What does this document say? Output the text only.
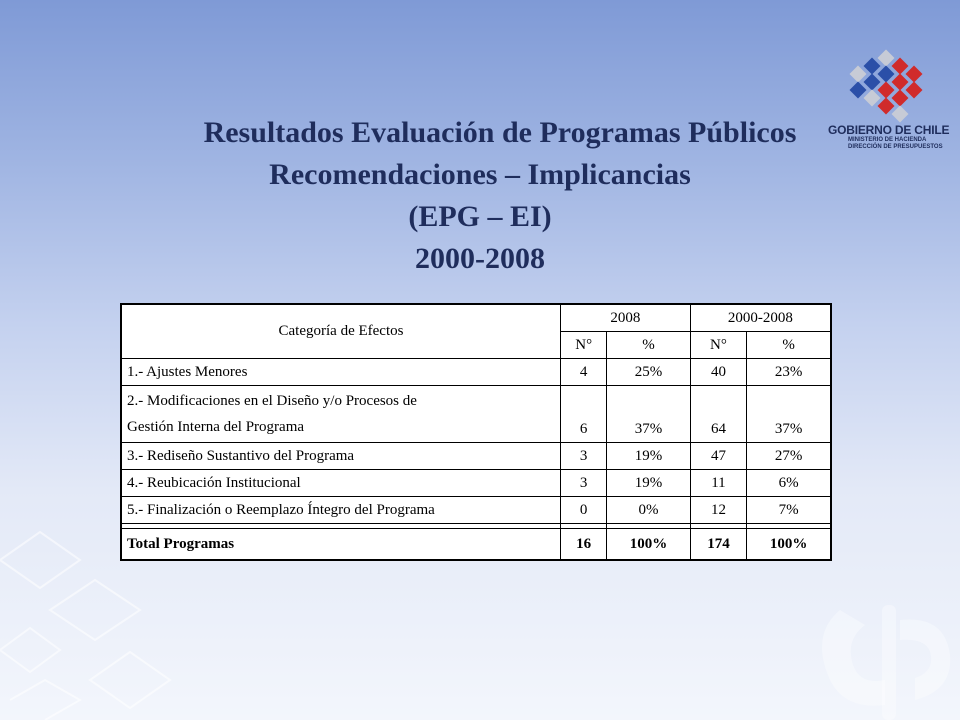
GOBIERNO DE CHILE
MINISTERIO DE HACIENDA
DIRECCIÓN DE PRESUPUESTOS
Resultados Evaluación de Programas Públicos
Recomendaciones – Implicancias
(EPG – EI)
2000-2008
Categoría de Efectos	2008		2000-2008	
	N°	%	N°	%
1.- Ajustes Menores	4	25%	40	23%

2.- Modificaciones en el Diseño y/o Procesos de
Gestión Interna del Programa	6	37%	64	37%
3.- Rediseño Sustantivo del Programa	3	19%	47	27%
4.- Reubicación Institucional	3	19%	11	6%
5.- Finalización o Reemplazo Íntegro del Programa	0	0%	12	7%

Total Programas	16	100%	174	100%
